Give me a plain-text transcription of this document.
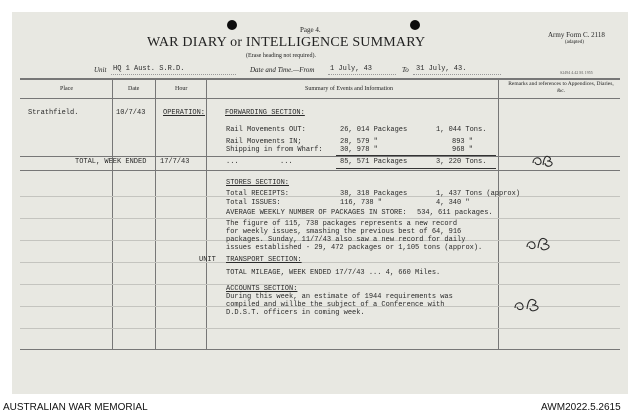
Page 4.
WAR DIARY or INTELLIGENCE SUMMARY
(Erase heading not required).
Army Form C. 2118
(adapted)
S2494 4.42 M. 1955
Unit HQ 1 Aust. S.R.D.	Date and Time.—From 1 July, 43	To 31 July, 43.
Place	Date	Hour	Summary of Events and Information
Remarks and references to Appendices, Diaries, &c.
Strathfield.	10/7/43	OPERATION:	FORWARDING SECTION:
Rail Movements OUT:	26, 014 Packages	1, 044 Tons.
Rail Movements IN;	28, 579 "	893 "
Shipping in from Wharf: 30, 978 "	968 "
TOTAL, WEEK ENDED 17/7/43	...	...	85, 571 Packages	3, 220 Tons.
STORES SECTION:
Total RECEIPTS:	38, 318 Packages	1, 437 Tons (approx)
Total ISSUES:	116, 738 "	4, 340 "
AVERAGE WEEKLY NUMBER OF PACKAGES IN STORE: 534, 611 packages.
The figure of 115, 738 packages represents a new record
for weekly issues, smashing the previous best of 64, 916
packages. Sunday, 11/7/43 also saw a new record for daily
issues established - 29, 472 packages or 1,105 tons (approx).
UNIT TRANSPORT SECTION:
TOTAL MILEAGE, WEEK ENDED 17/7/43 ... 4, 660 Miles.
ACCOUNTS SECTION:
During this week, an estimate of 1944 requirements was
compiled and willbe the subject of a Conference with
D.D.S.T. officers in coming week.
AUSTRALIAN WAR MEMORIAL	AWM2022.5.2615
